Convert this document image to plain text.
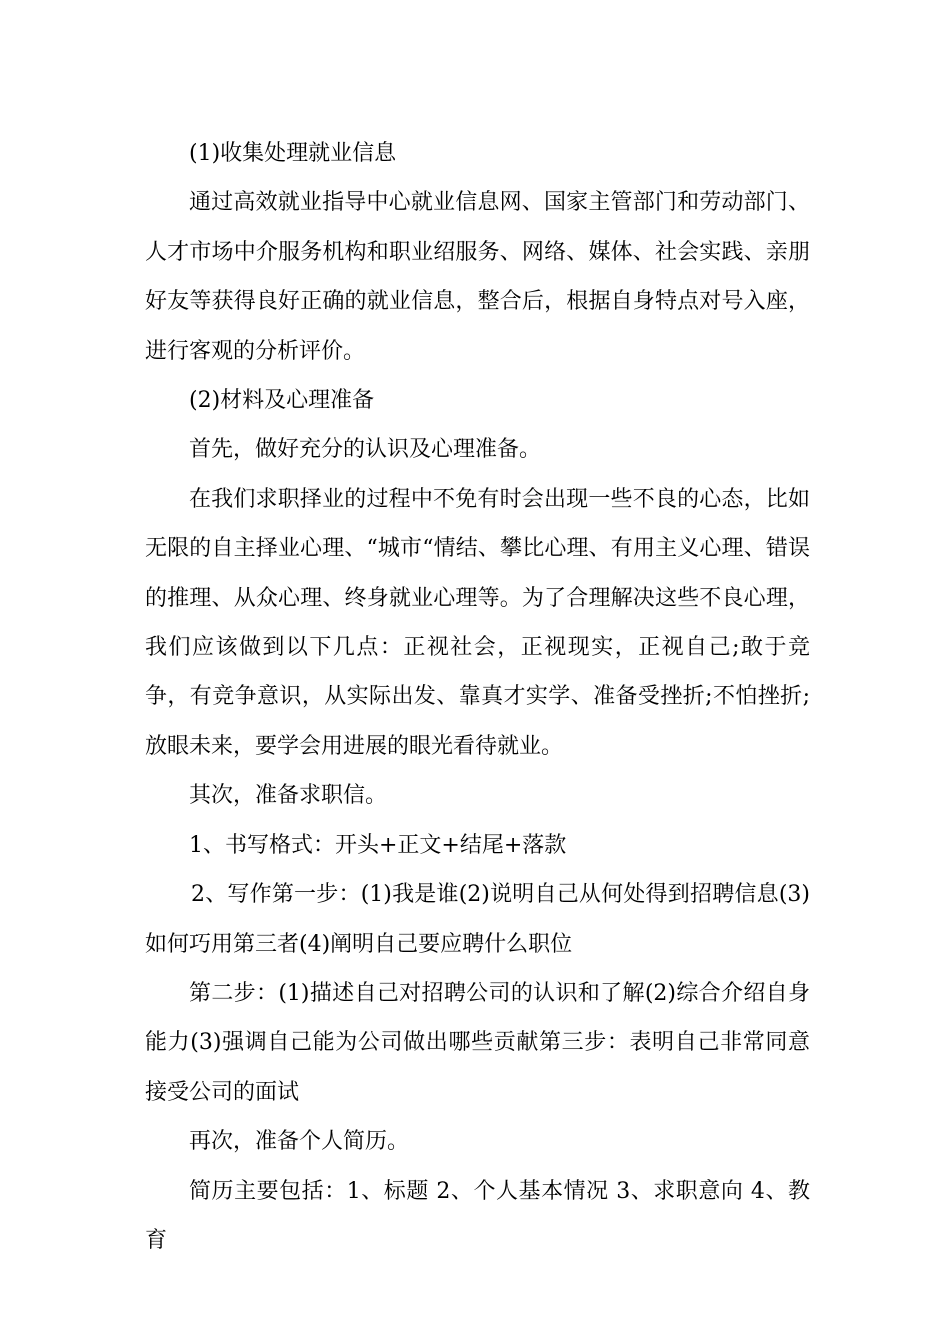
(1)收集处理就业信息

通过高效就业指导中心就业信息网、国家主管部门和劳动部门、人才市场中介服务机构和职业绍服务、网络、媒体、社会实践、亲朋好友等获得良好正确的就业信息，整合后，根据自身特点对号入座，进行客观的分析评价。

(2)材料及心理准备

首先，做好充分的认识及心理准备。

在我们求职择业的过程中不免有时会出现一些不良的心态，比如无限的自主择业心理、“城市“情结、攀比心理、有用主义心理、错误的推理、从众心理、终身就业心理等。为了合理解决这些不良心理，我们应该做到以下几点：正视社会，正视现实，正视自己;敢于竞争，有竞争意识，从实际出发、靠真才实学、准备受挫折;不怕挫折;放眼未来，要学会用进展的眼光看待就业。

其次，准备求职信。

1、书写格式：开头+正文+结尾+落款

2、写作第一步：(1)我是谁(2)说明自己从何处得到招聘信息(3)如何巧用第三者(4)阐明自己要应聘什么职位

第二步：(1)描述自己对招聘公司的认识和了解(2)综合介绍自身能力(3)强调自己能为公司做出哪些贡献第三步：表明自己非常同意接受公司的面试

再次，准备个人简历。

简历主要包括：1、标题 2、个人基本情况 3、求职意向 4、教育
